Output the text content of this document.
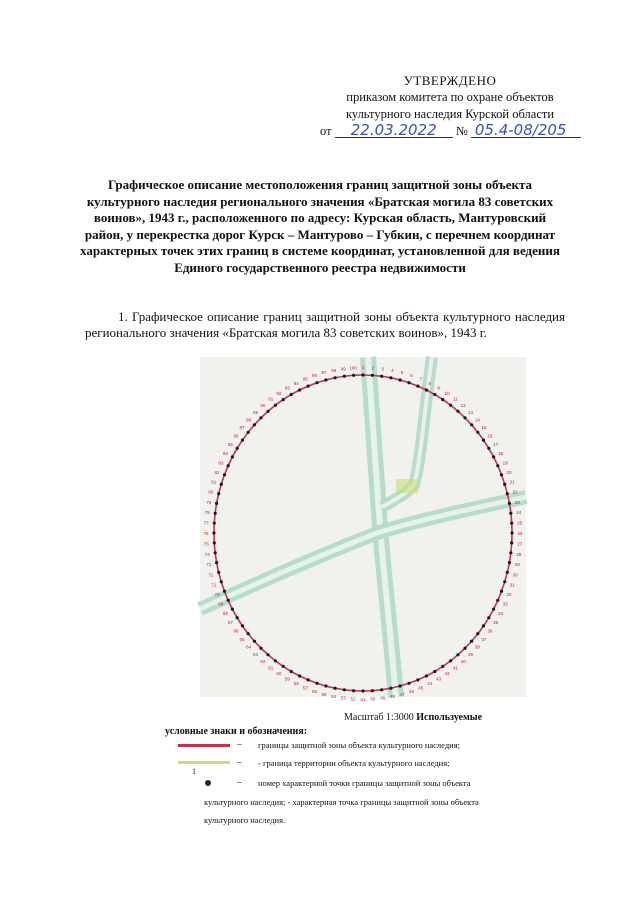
УТВЕРЖДЕНО
приказом комитета по охране объектов
культурного наследия Курской области
от 22.03.2022 № 05.4-08/205
Графическое описание местоположения границ защитной зоны объекта культурного наследия регионального значения «Братская могила 83 советских воинов», 1943 г., расположенного по адресу: Курская область, Мантуровский район, у перекрестка дорог Курск – Мантурово – Губкин, с перечнем координат характерных точек этих границ в системе координат, установленной для ведения Единого государственного реестра недвижимости
1. Графическое описание границ защитной зоны объекта культурного наследия регионального значения «Братская могила 83 советских воинов», 1943 г.
1 2 3 4 5
6
7
8
9
10
11
12
13
14
15
16
17
18
19
20
21
22
23
24
25
26
27
28
29
30
31
32
33
34
35
36
37
38
39
40
41
42
43
44
45
46
47
48
49
50
51
52
53
54
55
56
57
58
59
60
61
62
63
64
65
66
67
68
69
70
71
72
73
74
75
76
77
78
79
80
81
82
83
84
85
86
87
88
89
90
91
92
93
94
95
96
97 98 99 100
Масштаб 1:3000 Используемые
условные знаки и обозначения:
– границы защитной зоны объекта культурного наследия;
– - граница территории объекта культурного наследия;
1
– номер характерной точки границы защитной зоны объекта
культурного наследия; - характерная точка границы защитной зоны объекта
культурного наследия.
